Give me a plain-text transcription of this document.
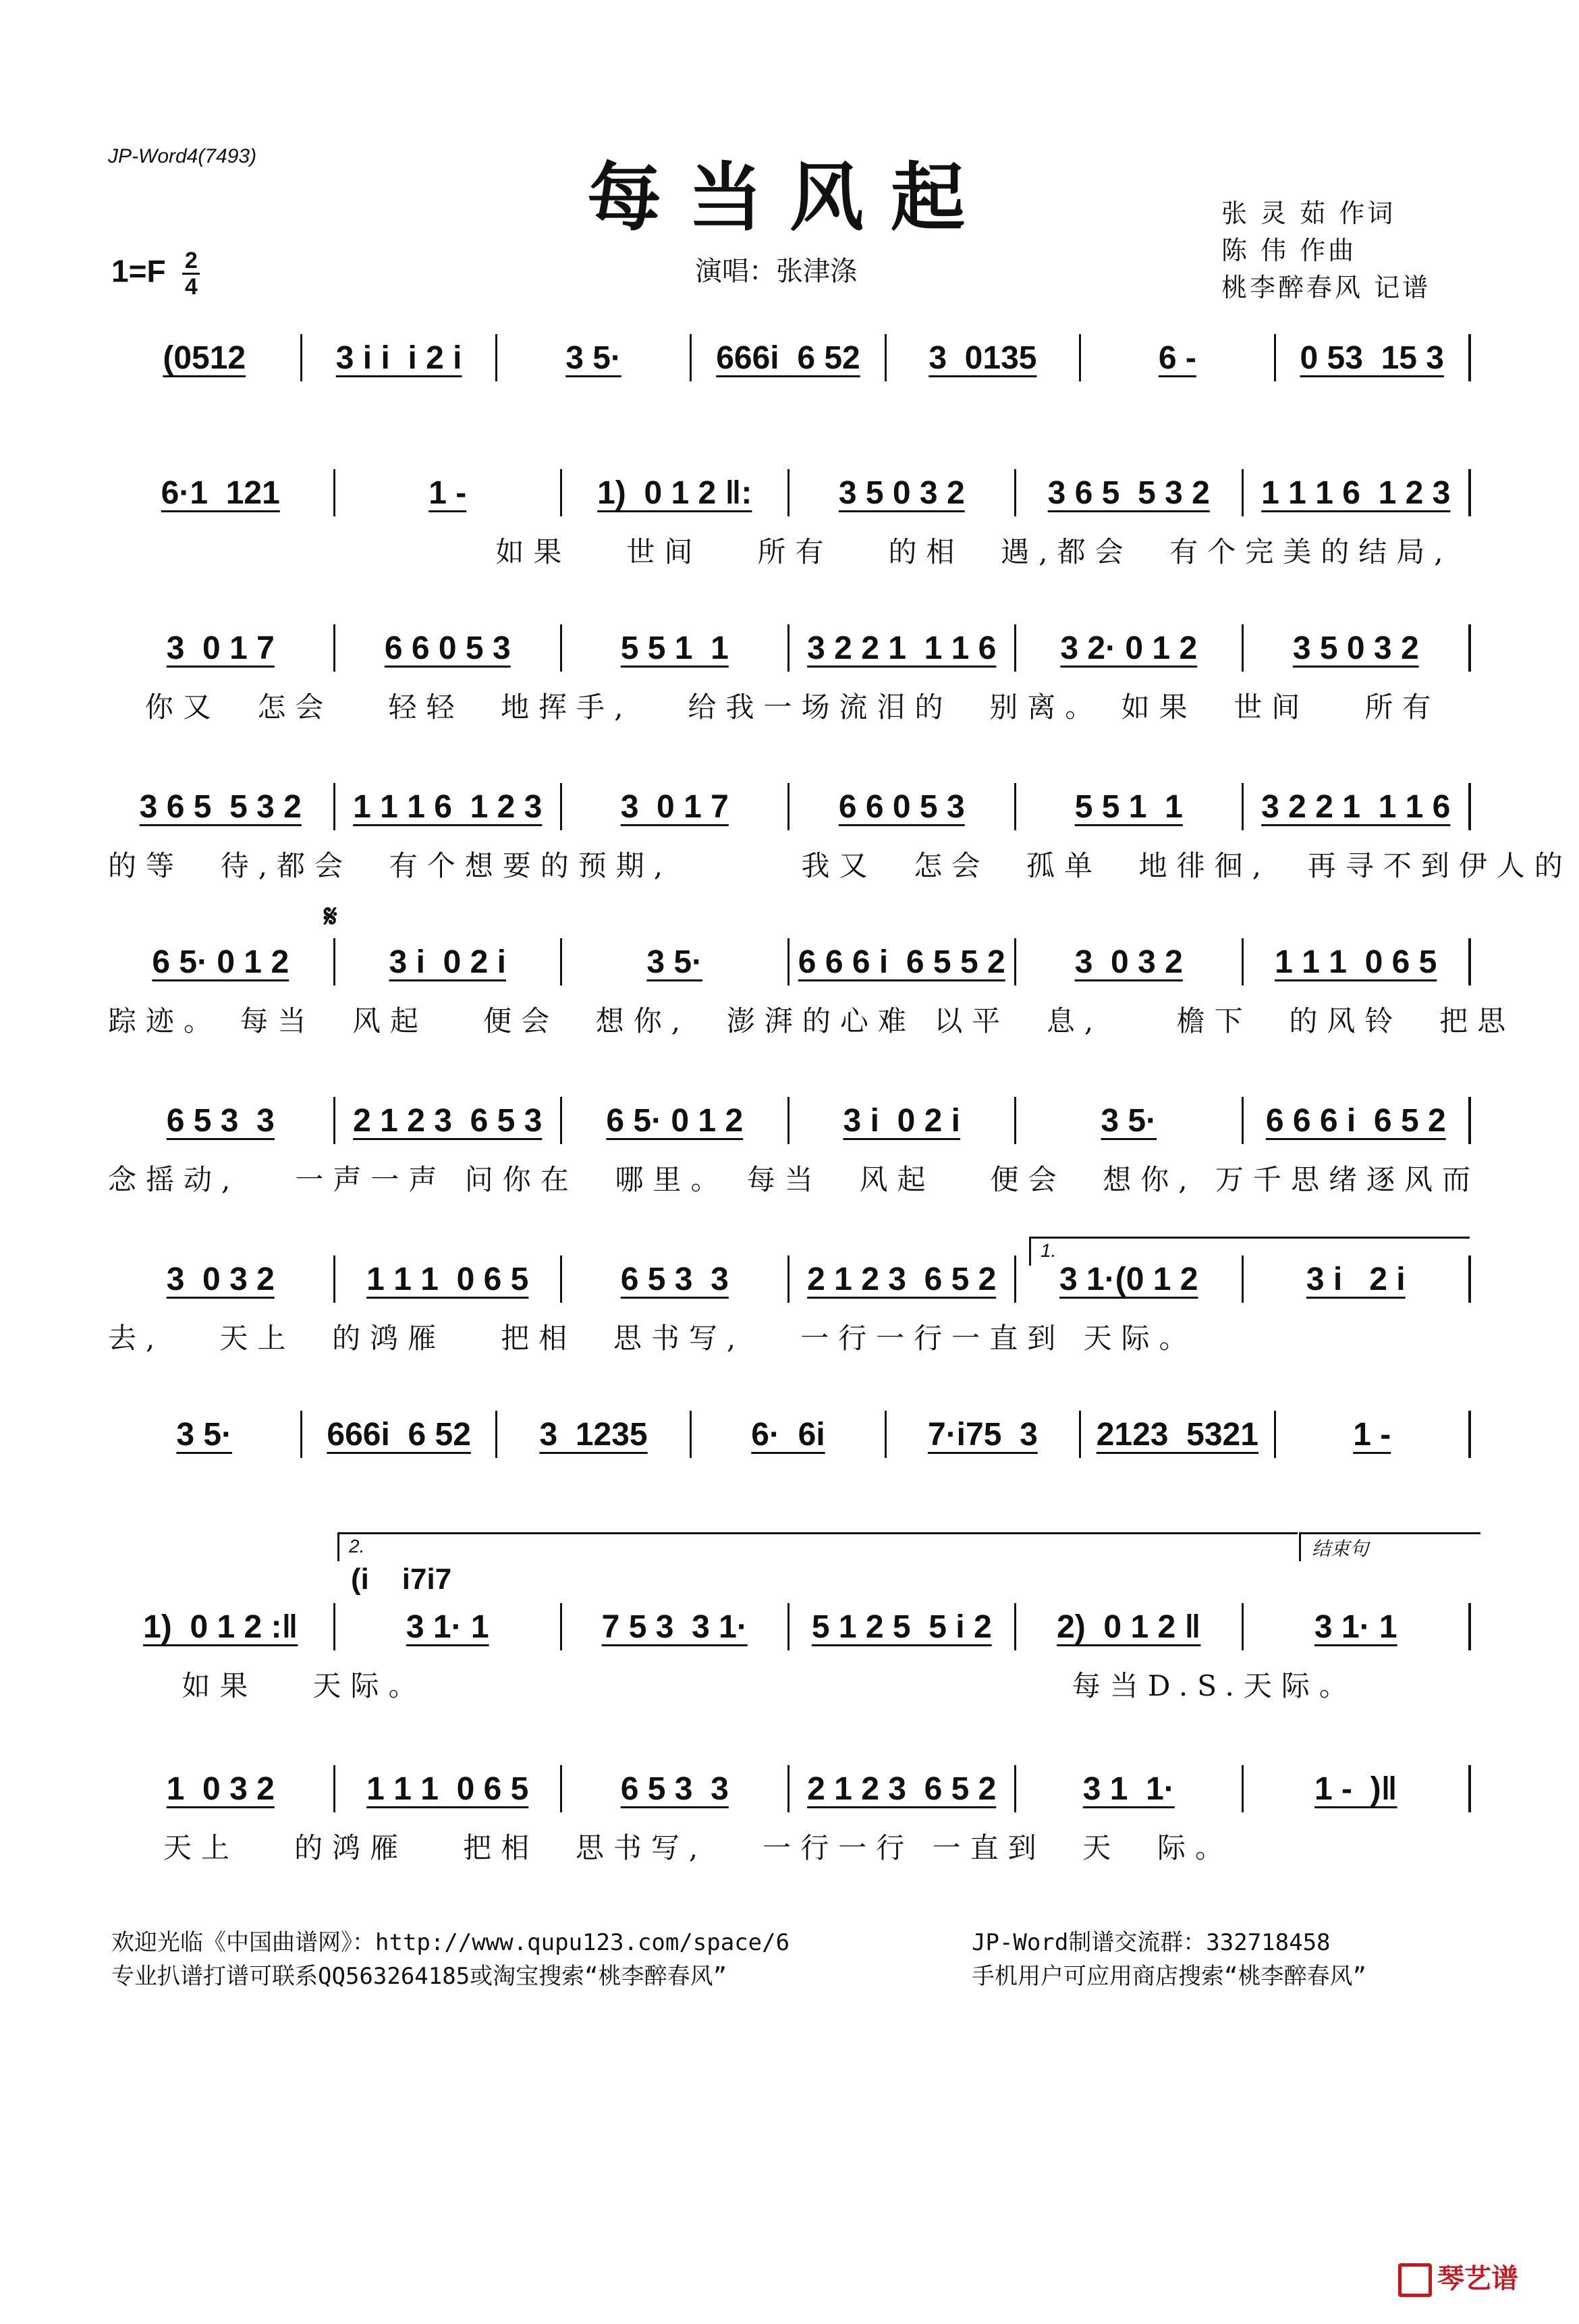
JP-Word4(7493)	每当风起	张 灵 茹 作词
陈 伟 作曲
桃李醉春风 记谱
$1=F \frac{2}{4}$	演唱：张津涤
(0512	3 i i  i 2 i	3 5·	666i  6 52 3  0135	6 -	0 53  15 3
6·1  121	1 -	1)  0 1 2 ‖:	3 5 0 3 2	3 6 5  5 3 2 1 1 1 6  1 2 3
如果   世间   所有   的相  遇,都会  有个完美的结局,
3  0 1 7	6 6 0 5 3	5 5 1  1 3 2 2 1  1 1 6 3 2· 0 1 2	3 5 0 3 2
你又  怎会   轻轻  地挥手,   给我一场流泪的  别离。 如果  世间   所有
3 6 5  5 3 2 1 1 1 6  1 2 3 3  0 1 7	6 6 0 5 3	5 5 1  1 3 2 2 1  1 1 6
的等  待,都会  有个想要的预期,       我又  怎会  孤单  地徘徊,  再寻不到伊人的
6 5· 0 1 2	3 i  0 2 i	3 5·	6 6 6 i  6 5 5 2 3  0 3 2	1 1 1  0 6 5
踪迹。 每当  风起   便会  想你,  澎湃的心难 以平  息,    檐下  的风铃  把思
6 5 3  3 2 1 2 3  6 5 3 6 5· 0 1 2	3 i  0 2 i	3 5·	6 6 6 i  6 5 2
念摇动,   一声一声 问你在  哪里。 每当  风起   便会  想你, 万千思绪逐风而
3  0 3 2	1 1 1  0 6 5	6 5 3  3 2 1 2 3  6 5 2 3 1·(0 1 2	3 i   2 i
去,   天上  的鸿雁   把相  思书写,   一行一行一直到 天际。
3 5·	666i  6 52 3  1235	6·  6i	7·i75  3 2123  5321	1 -
1)  0 1 2 :‖	3 1· 1	7 5 3  3 1· 5 1 2 5  5 i 2 2)  0 1 2 ‖	3 1· 1
如果   天际。                                   每当D.S.天际。
1  0 3 2	1 1 1  0 6 5	6 5 3  3 2 1 2 3  6 5 2	3 1  1·	1 -  )‖
天上   的鸿雁   把相  思书写,   一行一行 一直到  天  际。
1.
2.	结束句
(i    i7i7
𝄋
欢迎光临《中国曲谱网》：http://www.qupu123.com/space/6	JP-Word制谱交流群：332718458
专业扒谱打谱可联系QQ563264185或淘宝搜索“桃李醉春风”	手机用户可应用商店搜索“桃李醉春风”
琴艺谱
